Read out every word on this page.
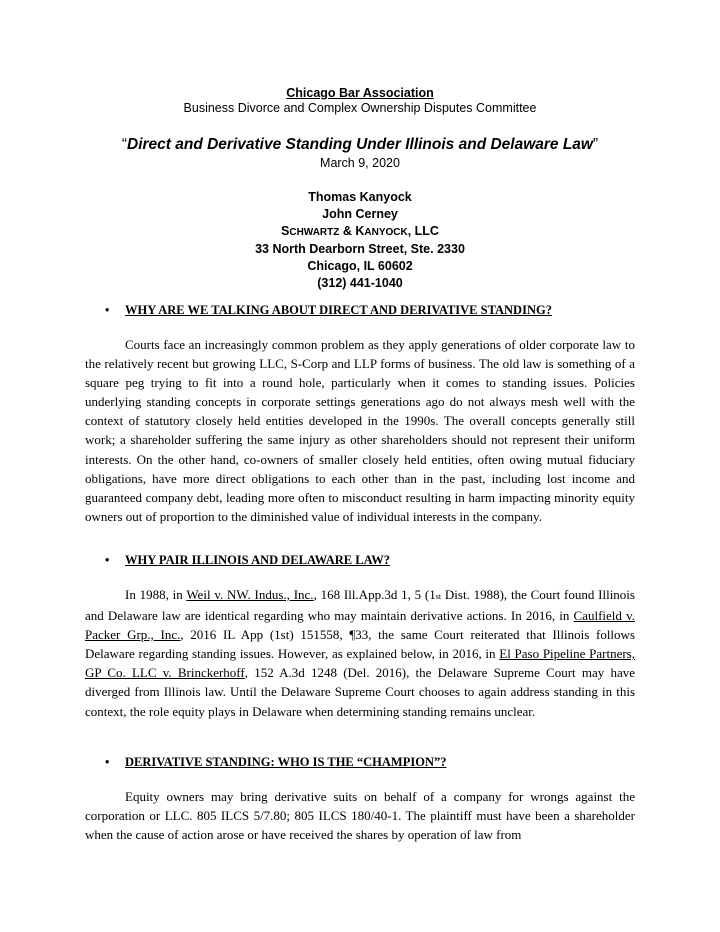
Chicago Bar Association
Business Divorce and Complex Ownership Disputes Committee
“Direct and Derivative Standing Under Illinois and Delaware Law”
March 9, 2020
Thomas Kanyock
John Cerney
SCHWARTZ & KANYOCK, LLC
33 North Dearborn Street, Ste. 2330
Chicago, IL 60602
(312) 441-1040
•	WHY ARE WE TALKING ABOUT DIRECT AND DERIVATIVE STANDING?
Courts face an increasingly common problem as they apply generations of older corporate law to the relatively recent but growing LLC, S-Corp and LLP forms of business. The old law is something of a square peg trying to fit into a round hole, particularly when it comes to standing issues. Policies underlying standing concepts in corporate settings generations ago do not always mesh well with the context of statutory closely held entities developed in the 1990s. The overall concepts generally still work; a shareholder suffering the same injury as other shareholders should not represent their uniform interests. On the other hand, co-owners of smaller closely held entities, often owing mutual fiduciary obligations, have more direct obligations to each other than in the past, including lost income and guaranteed company debt, leading more often to misconduct resulting in harm impacting minority equity owners out of proportion to the diminished value of individual interests in the company.
•	WHY PAIR ILLINOIS AND DELAWARE LAW?
In 1988, in Weil v. NW. Indus., Inc., 168 Ill.App.3d 1, 5 (1st Dist. 1988), the Court found Illinois and Delaware law are identical regarding who may maintain derivative actions. In 2016, in Caulfield v. Packer Grp., Inc., 2016 IL App (1st) 151558, ¶33, the same Court reiterated that Illinois follows Delaware regarding standing issues. However, as explained below, in 2016, in El Paso Pipeline Partners, GP Co. LLC v. Brinckerhoff, 152 A.3d 1248 (Del. 2016), the Delaware Supreme Court may have diverged from Illinois law. Until the Delaware Supreme Court chooses to again address standing in this context, the role equity plays in Delaware when determining standing remains unclear.
•	DERIVATIVE STANDING: WHO IS THE “CHAMPION”?
Equity owners may bring derivative suits on behalf of a company for wrongs against the corporation or LLC. 805 ILCS 5/7.80; 805 ILCS 180/40-1. The plaintiff must have been a shareholder when the cause of action arose or have received the shares by operation of law from
